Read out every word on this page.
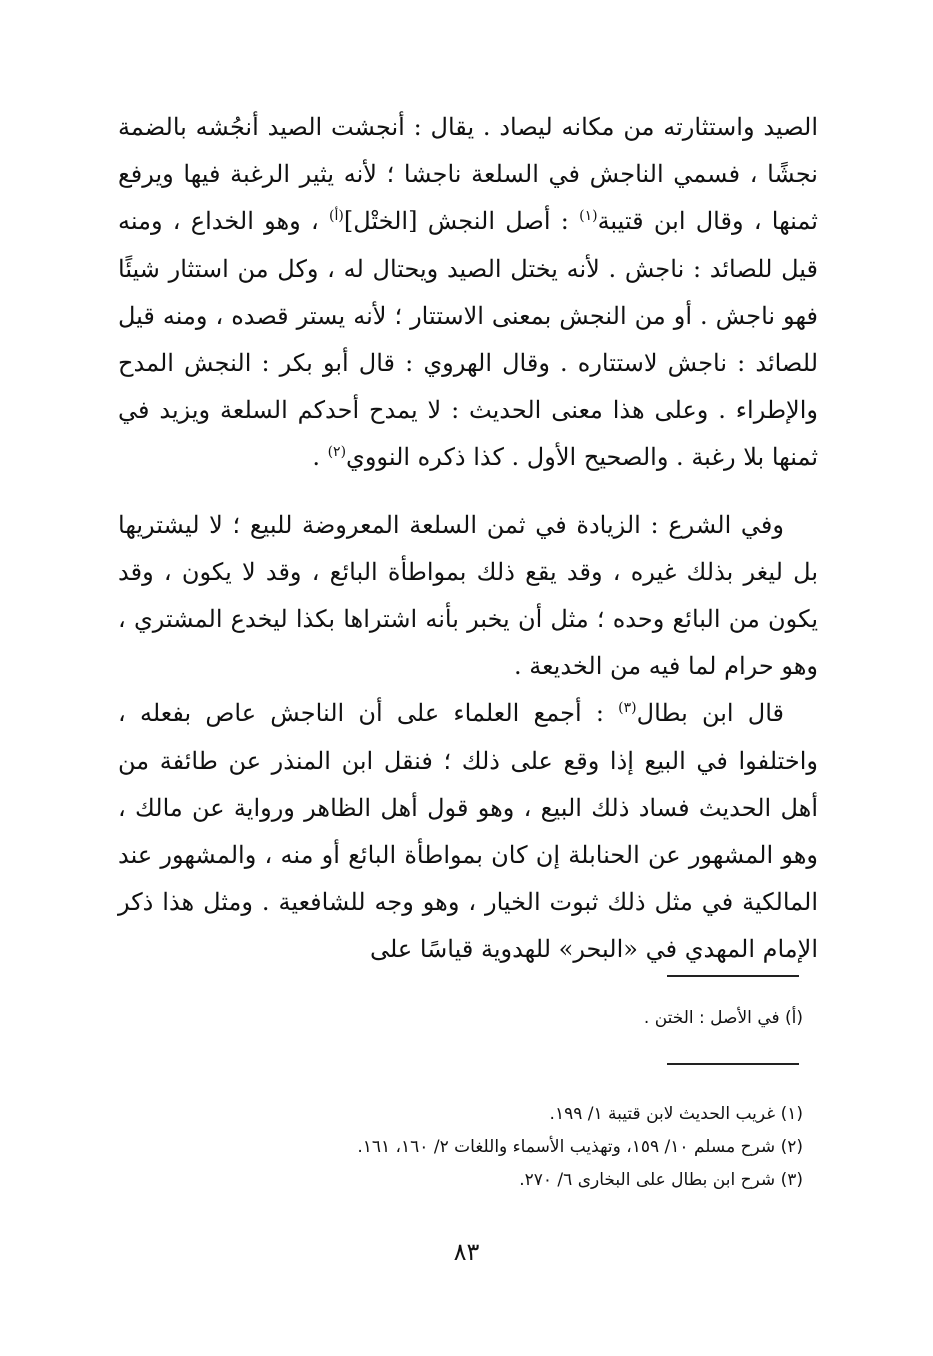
الصيد واستثارته من مكانه ليصاد . يقال : أنجشت الصيد أنجُشه بالضمة نجشًا ، فسمي الناجش في السلعة ناجشا ؛ لأنه يثير الرغبة فيها ويرفع ثمنها ، وقال ابن قتيبة$^{(١)}$ : أصل النجش [الختْل]$^{(أ)}$ ، وهو الخداع ، ومنه قيل للصائد : ناجش . لأنه يختل الصيد ويحتال له ، وكل من استثار شيئًا فهو ناجش . أو من النجش بمعنى الاستتار ؛ لأنه يستر قصده ، ومنه قيل للصائد : ناجش لاستتاره . وقال الهروي : قال أبو بكر : النجش المدح والإطراء . وعلى هذا معنى الحديث : لا يمدح أحدكم السلعة ويزيد في ثمنها بلا رغبة . والصحيح الأول . كذا ذكره النووي$^{(٢)}$ .

وفي الشرع : الزيادة في ثمن السلعة المعروضة للبيع ؛ لا ليشتريها بل ليغر بذلك غيره ، وقد يقع ذلك بمواطأة البائع ، وقد لا يكون ، وقد يكون من البائع وحده ؛ مثل أن يخبر بأنه اشتراها بكذا ليخدع المشتري ، وهو حرام لما فيه من الخديعة .

قال ابن بطال$^{(٣)}$ : أجمع العلماء على أن الناجش عاص بفعله ، واختلفوا في البيع إذا وقع على ذلك ؛ فنقل ابن المنذر عن طائفة من أهل الحديث فساد ذلك البيع ، وهو قول أهل الظاهر ورواية عن مالك ، وهو المشهور عن الحنابلة إن كان بمواطأة البائع أو منه ، والمشهور عند المالكية في مثل ذلك ثبوت الخيار ، وهو وجه للشافعية . ومثل هذا ذكر الإمام المهدي في «البحر» للهدوية قياسًا على

(أ) في الأصل : الختن .
(١) غريب الحديث لابن قتيبة ١/ ١٩٩.
(٢) شرح مسلم ١٠/ ١٥٩، وتهذيب الأسماء واللغات ٢/ ١٦٠، ١٦١.
(٣) شرح ابن بطال على البخارى ٦/ ٢٧٠.
٨٣
